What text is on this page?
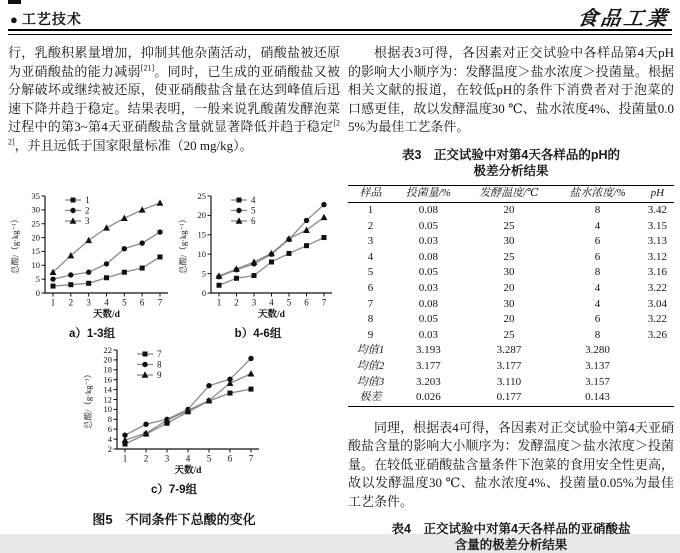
● 工艺技术	食品工業

行，乳酸积累量增加，抑制其他杂菌活动，硝酸盐被还原为亚硝酸盐的能力减弱[21]。同时，已生成的亚硝酸盐又被分解破坏或继续被还原，使亚硝酸盐含量在达到峰值后迅速下降并趋于稳定。结果表明，一般来说乳酸菌发酵泡菜过程中的第3~第4天亚硝酸盐含量就显著降低并趋于稳定[22]，并且远低于国家限量标准（20 mg/kg）。

0
5
10
15
20
25
30
35
1 2 3 4 5 6 7
总酸/（g·kg⁻¹）
天数/d
1
2
3
a）1-3组
0
5
10
15
20
25
1 2 3 4 5 6 7
总酸/（g·kg⁻¹）
天数/d
4
5
6
b）4-6组
2
4
6
8
10
12
14
16
18
20
22
1 2 3 4 5 6 7
总酸/（g·kg⁻¹）
天数/d
7
8
9
c）7-9组
图5　不同条件下总酸的变化

根据表3可得，各因素对正交试验中各样品第4天pH的影响大小顺序为：发酵温度＞盐水浓度＞投菌量。根据相关文献的报道，在较低pH的条件下消费者对于泡菜的口感更佳，故以发酵温度30 ℃、盐水浓度4%、投菌量0.05%为最佳工艺条件。

表3　正交试验中对第4天各样品的pH的
极差分析结果
样品	投菌量/%	发酵温度/℃	盐水浓度/%	pH
1	0.08	20	8	3.42
2	0.05	25	4	3.15
3	0.03	30	6	3.13
4	0.08	25	6	3.12
5	0.05	30	8	3.16
6	0.03	20	4	3.22
7	0.08	30	4	3.04
8	0.05	20	6	3.22
9	0.03	25	8	3.26
均值1	3.193	3.287	3.280	
均值2	3.177	3.177	3.137	
均值3	3.203	3.110	3.157	
极差	0.026	0.177	0.143	

同理，根据表4可得，各因素对正交试验中第4天亚硝酸盐含量的影响大小顺序为：发酵温度＞盐水浓度＞投菌量。在较低亚硝酸盐含量条件下泡菜的食用安全性更高，故以发酵温度30 ℃、盐水浓度4%、投菌量0.05%为最佳工艺条件。

表4　正交试验中对第4天各样品的亚硝酸盐
含量的极差分析结果
